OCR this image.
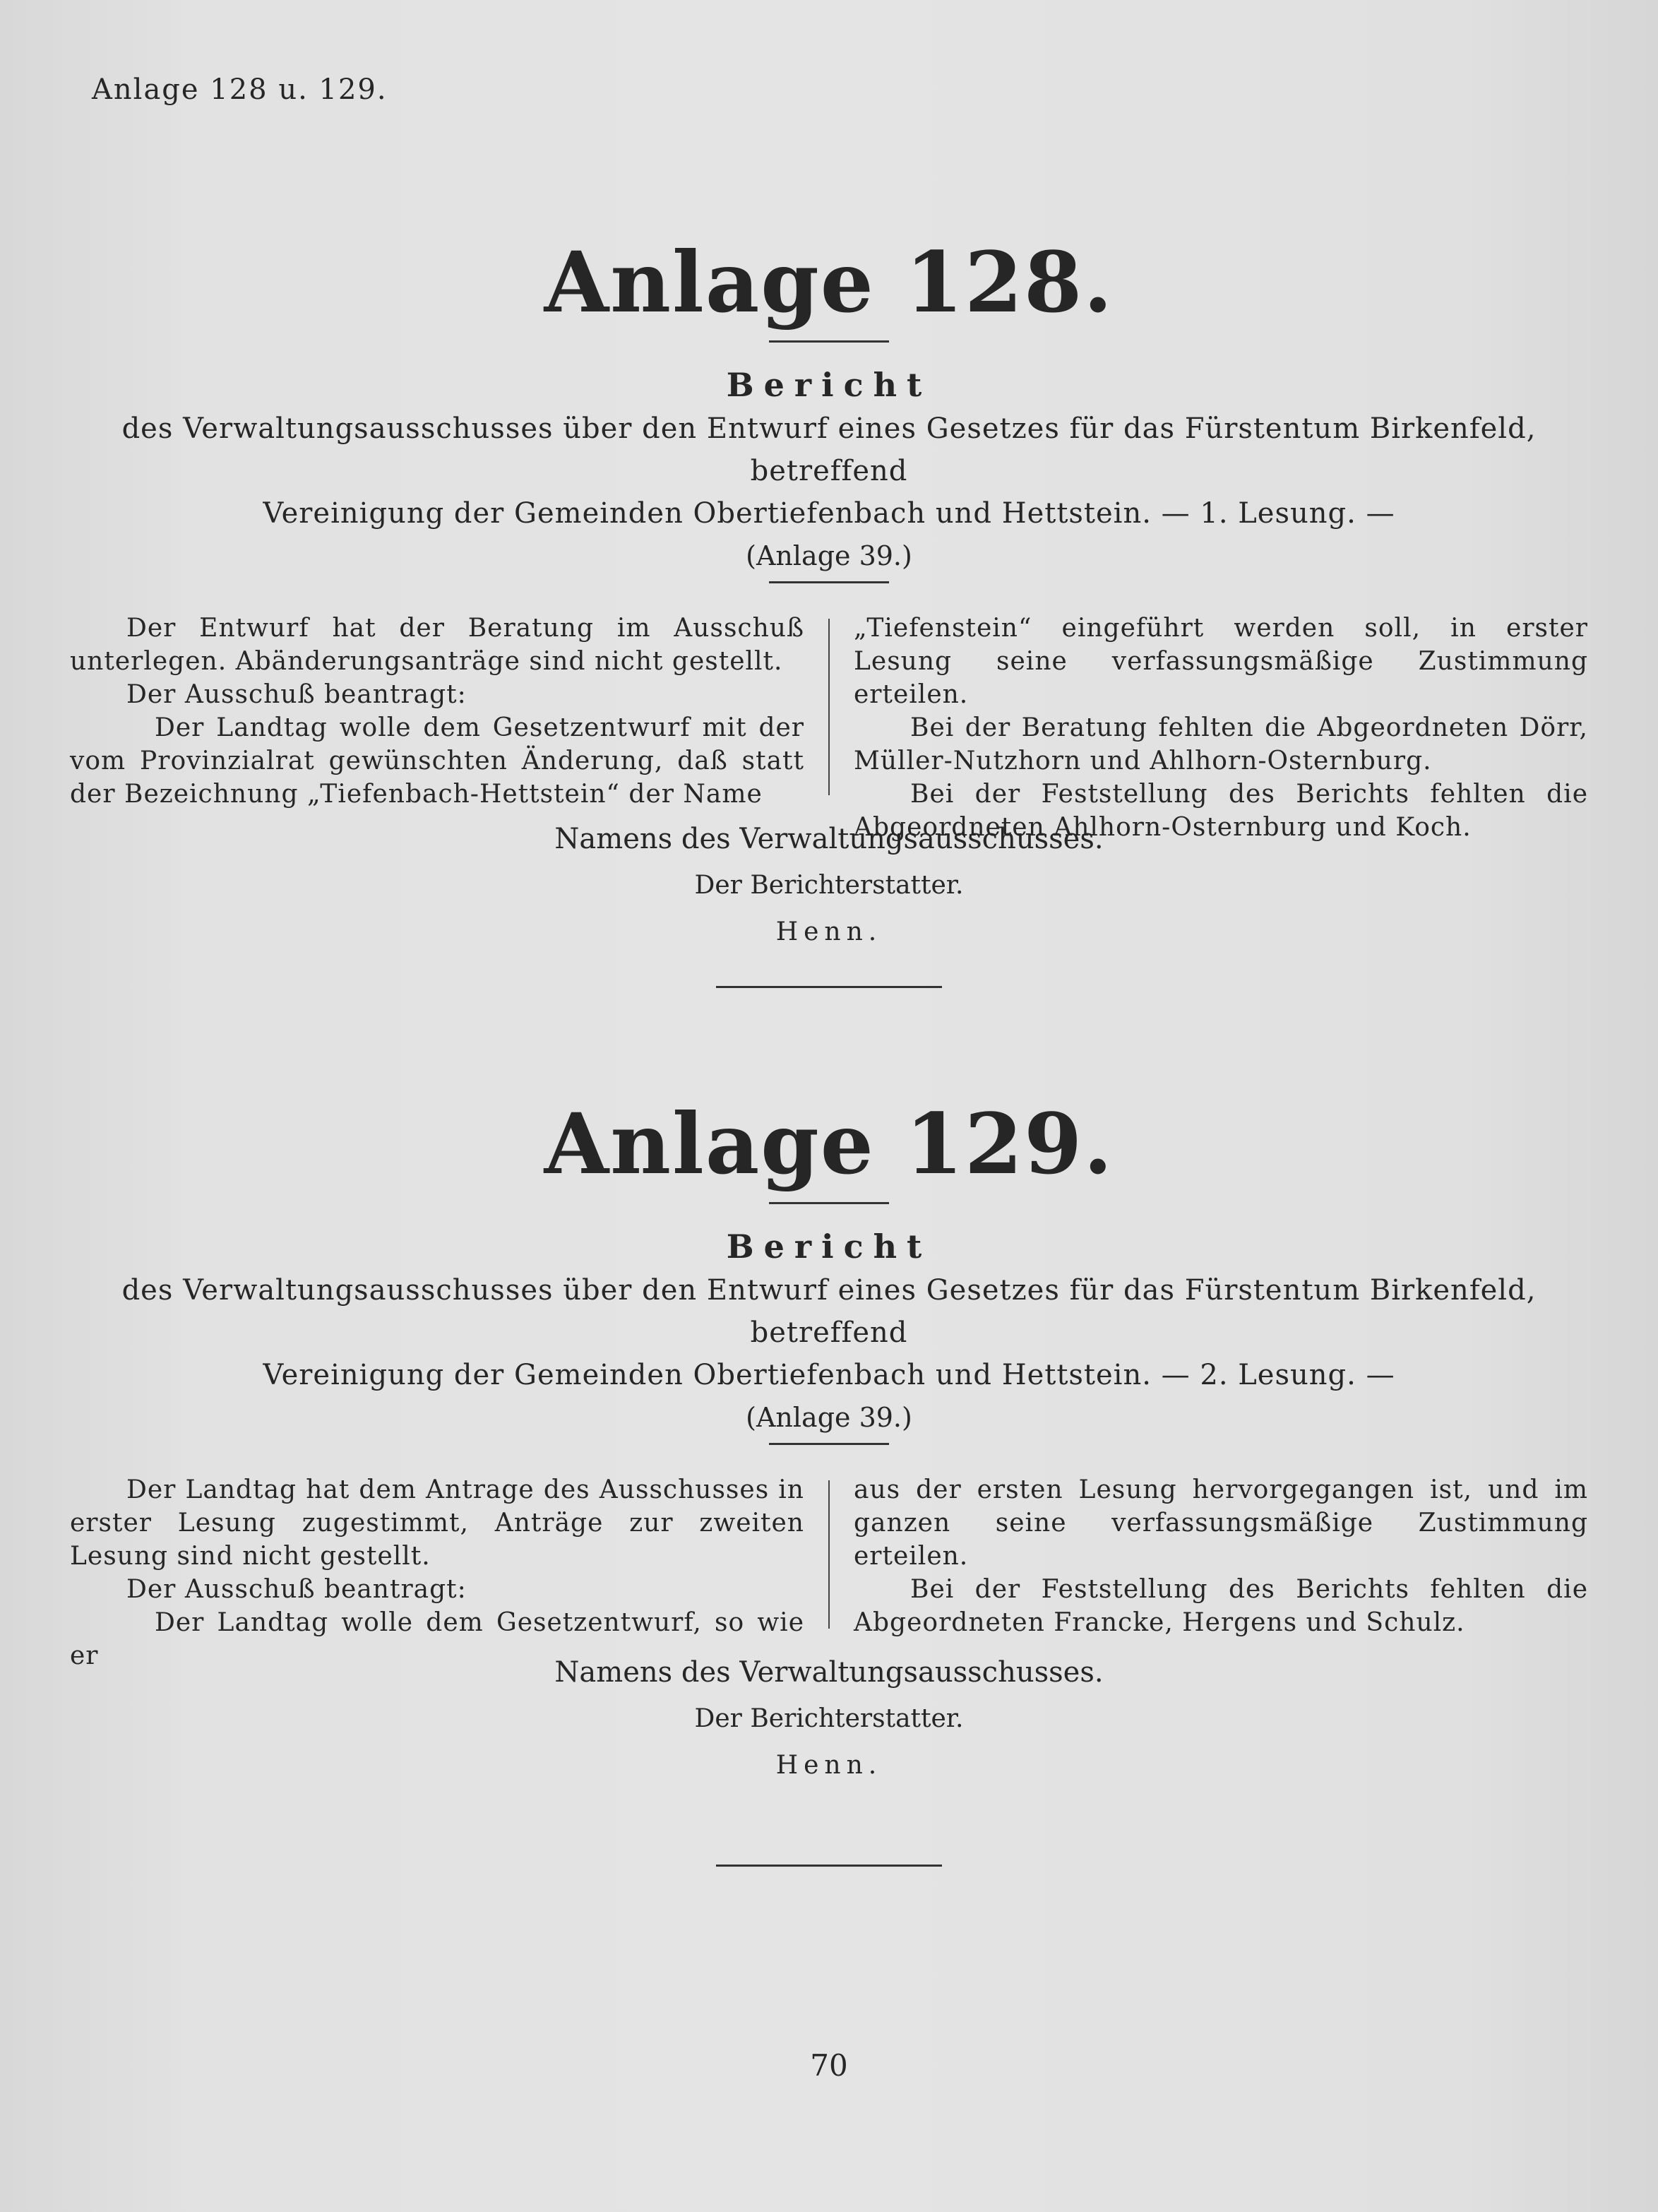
Anlage 128 u. 129.
Anlage 128.

Bericht

des Verwaltungsausschusses über den Entwurf eines Gesetzes für das Fürstentum Birkenfeld, betreffend

Vereinigung der Gemeinden Obertiefenbach und Hettstein. — 1. Lesung. —

(Anlage 39.)

Der Entwurf hat der Beratung im Ausschuß unterlegen. Abänderungsanträge sind nicht gestellt.

Der Ausschuß beantragt:

Der Landtag wolle dem Gesetzentwurf mit der vom Provinzialrat gewünschten Änderung, daß statt der Bezeichnung „Tiefenbach-Hettstein“ der Name

„Tiefenstein“ eingeführt werden soll, in erster Lesung seine verfassungsmäßige Zustimmung erteilen.

Bei der Beratung fehlten die Abgeordneten Dörr, Müller-Nutzhorn und Ahlhorn-Osternburg.

Bei der Feststellung des Berichts fehlten die Abgeordneten Ahlhorn-Osternburg und Koch.

Namens des Verwaltungsausschusses.

Der Berichterstatter.

Henn.

Anlage 129.

Bericht

des Verwaltungsausschusses über den Entwurf eines Gesetzes für das Fürstentum Birkenfeld, betreffend

Vereinigung der Gemeinden Obertiefenbach und Hettstein. — 2. Lesung. —

(Anlage 39.)

Der Landtag hat dem Antrage des Ausschusses in erster Lesung zugestimmt, Anträge zur zweiten Lesung sind nicht gestellt.

Der Ausschuß beantragt:

Der Landtag wolle dem Gesetzentwurf, so wie er

aus der ersten Lesung hervorgegangen ist, und im ganzen seine verfassungsmäßige Zustimmung erteilen.

Bei der Feststellung des Berichts fehlten die Abgeordneten Francke, Hergens und Schulz.

Namens des Verwaltungsausschusses.

Der Berichterstatter.

Henn.

70
